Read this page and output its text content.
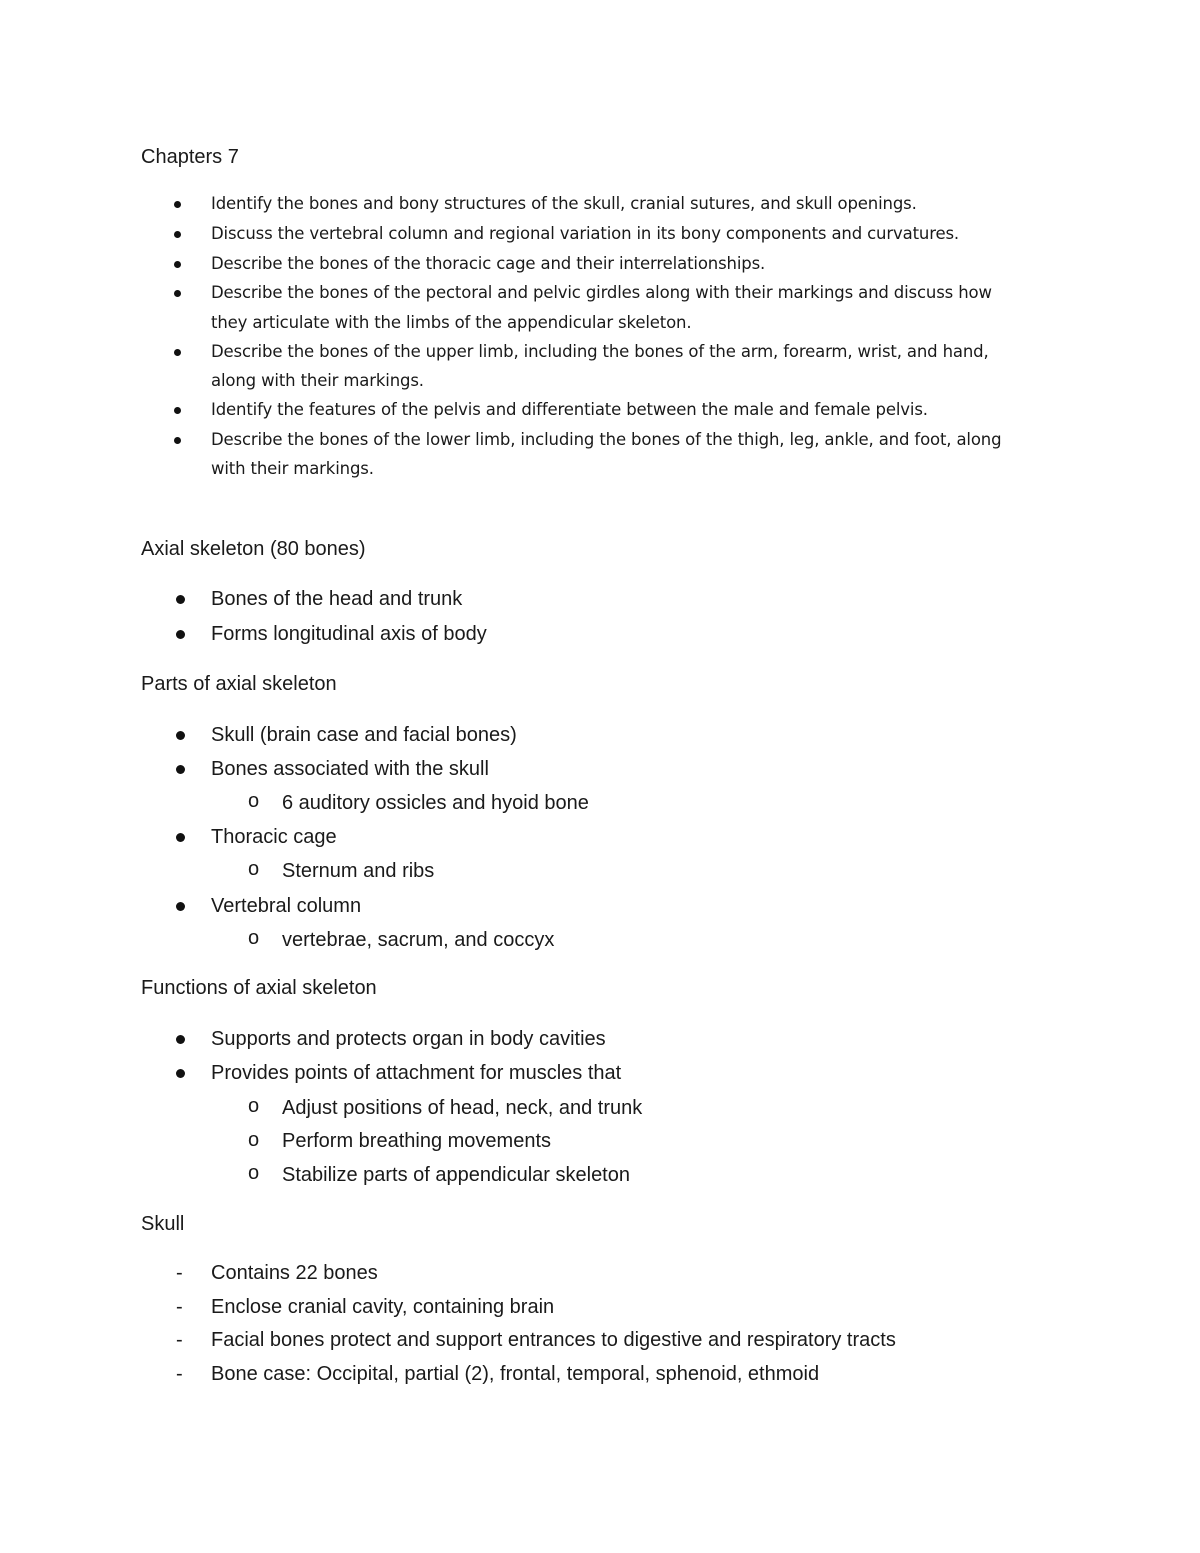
Chapters 7
Identify the bones and bony structures of the skull, cranial sutures, and skull openings.
Discuss the vertebral column and regional variation in its bony components and curvatures.
Describe the bones of the thoracic cage and their interrelationships.
Describe the bones of the pectoral and pelvic girdles along with their markings and discuss how
they articulate with the limbs of the appendicular skeleton.
Describe the bones of the upper limb, including the bones of the arm, forearm, wrist, and hand,
along with their markings.
Identify the features of the pelvis and differentiate between the male and female pelvis.
Describe the bones of the lower limb, including the bones of the thigh, leg, ankle, and foot, along
with their markings.
Axial skeleton (80 bones)
Bones of the head and trunk
Forms longitudinal axis of body
Parts of axial skeleton
Skull (brain case and facial bones)
Bones associated with the skull
o 6 auditory ossicles and hyoid bone
Thoracic cage
o Sternum and ribs
Vertebral column
o vertebrae, sacrum, and coccyx
Functions of axial skeleton
Supports and protects organ in body cavities
Provides points of attachment for muscles that
o Adjust positions of head, neck, and trunk
o Perform breathing movements
o Stabilize parts of appendicular skeleton
Skull
- Contains 22 bones
- Enclose cranial cavity, containing brain
- Facial bones protect and support entrances to digestive and respiratory tracts
- Bone case: Occipital, partial (2), frontal, temporal, sphenoid, ethmoid
